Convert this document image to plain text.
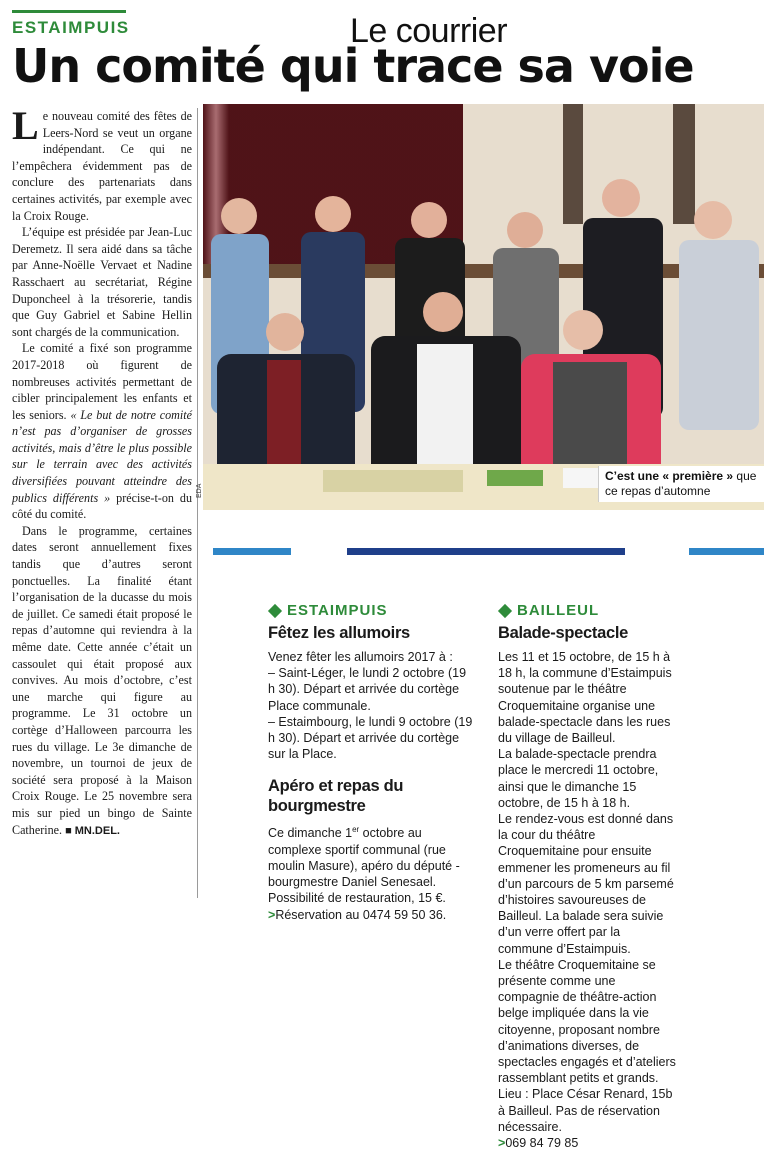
ESTAIMPUIS	Le courrier
Un comité qui trace sa voie

Le nouveau comité des fêtes de Leers-Nord se veut un organe indépendant. Ce qui ne l’empêchera évidemment pas de conclure des partenariats dans certaines activités, par exemple avec la Croix Rouge.

L’équipe est présidée par Jean-Luc Deremetz. Il sera aidé dans sa tâche par Anne-Noëlle Vervaet et Nadine Rasschaert au secrétariat, Régine Duponcheel à la trésorerie, tandis que Guy Gabriel et Sabine Hellin sont chargés de la communication.

Le comité a fixé son programme 2017-2018 où figurent de nombreuses activités permettant de cibler principalement les enfants et les seniors. « Le but de notre comité n’est pas d’organiser de grosses activités, mais d’être le plus possible sur le terrain avec des activités diversifiées pouvant atteindre des publics différents » précise-t-on du côté du comité.

Dans le programme, certaines dates seront annuellement fixes tandis que d’autres seront ponctuelles. La finalité étant l’organisation de la ducasse du mois de juillet. Ce samedi était proposé le repas d’automne qui reviendra à la même date. Cette année c’était un cassoulet qui était proposé aux convives. Au mois d’octobre, c’est une marche qui figure au programme. Le 31 octobre un cortège d’Halloween parcourra les rues du village. Le 3e dimanche de novembre, un tournoi de jeux de société sera proposé à la Maison Croix Rouge. Le 25 novembre sera mis sur pied un bingo de Sainte Catherine. ■ MN.DEL.

EDA
C’est une « première » que ce repas d’automne
ESTAIMPUIS
Fêtez les allumoirs

Venez fêter les allumoirs 2017 à :

– Saint-Léger, le lundi 2 octobre (19 h 30). Départ et arrivée du cortège Place communale.

– Estaimbourg, le lundi 9 octobre (19 h 30). Départ et arrivée du cortège sur la Place.

Apéro et repas du bourgmestre

Ce dimanche 1er octobre au complexe sportif communal (rue moulin Masure), apéro du député - bourgmestre Daniel Senesael.

Possibilité de restauration, 15 €.

>Réservation au 0474 59 50 36.
BAILLEUL
Balade-spectacle

Les 11 et 15 octobre, de 15 h à 18 h, la commune d’Estaimpuis soutenue par le théâtre Croquemitaine organise une balade-spectacle dans les rues du village de Bailleul.

La balade-spectacle prendra place le mercredi 11 octobre, ainsi que le dimanche 15 octobre, de 15 h à 18 h.

Le rendez-vous est donné dans la cour du théâtre Croquemitaine pour ensuite emmener les promeneurs au fil d’un parcours de 5 km parsemé d’histoires savoureuses de Bailleul. La balade sera suivie d’un verre offert par la commune d’Estaimpuis.

Le théâtre Croquemitaine se présente comme une compagnie de théâtre-action belge impliquée dans la vie citoyenne, proposant nombre d’animations diverses, de spectacles engagés et d’ateliers rassemblant petits et grands.

Lieu : Place César Renard, 15b à Bailleul. Pas de réservation nécessaire.

>069 84 79 85
